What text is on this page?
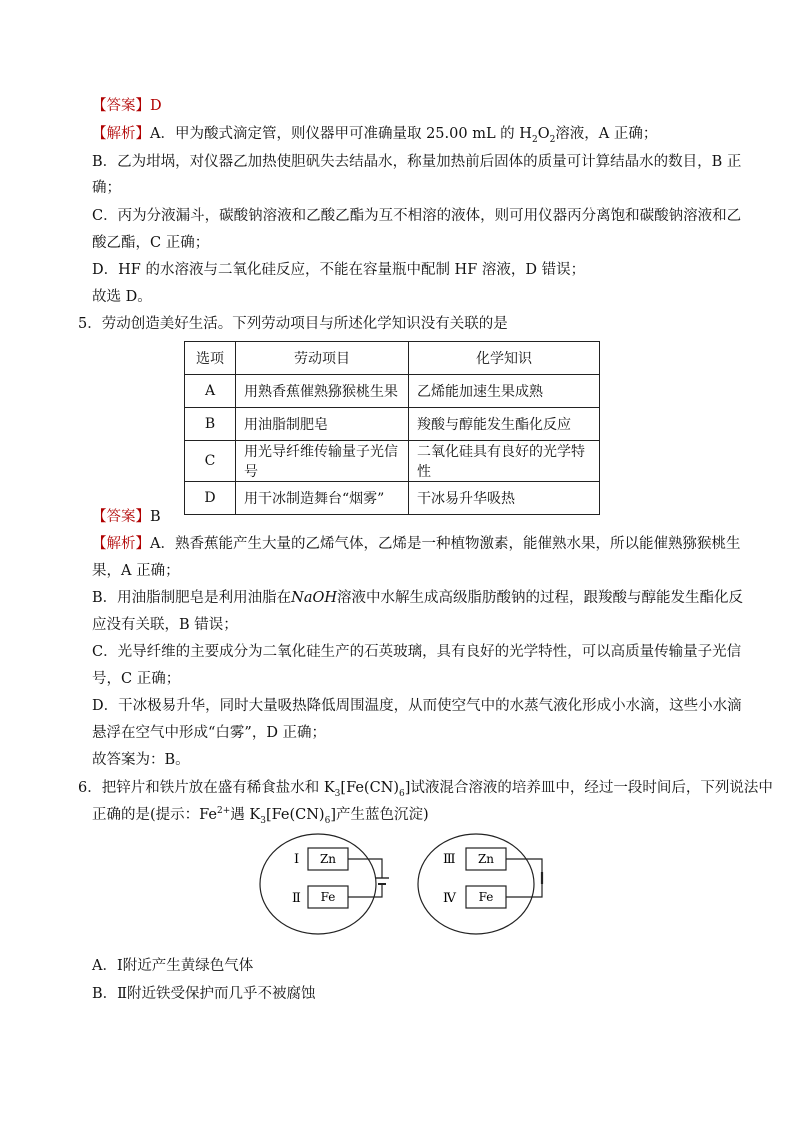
【答案】D
【解析】A．甲为酸式滴定管，则仪器甲可准确量取 25.00 mL 的 $H_2O_2$溶液，A 正确；
B．乙为坩埚，对仪器乙加热使胆矾失去结晶水，称量加热前后固体的质量可计算结晶水的数目，B 正
确；
C．丙为分液漏斗，碳酸钠溶液和乙酸乙酯为互不相溶的液体，则可用仪器丙分离饱和碳酸钠溶液和乙
酸乙酯，C 正确；
D．HF 的水溶液与二氧化硅反应，不能在容量瓶中配制 HF 溶液，D 错误；
故选 D。
5．劳动创造美好生活。下列劳动项目与所述化学知识没有关联的是
选项	劳动项目	化学知识
A	用熟香蕉催熟猕猴桃生果	乙烯能加速生果成熟
B	用油脂制肥皂	羧酸与醇能发生酯化反应
C	用光导纤维传输量子光信号	二氧化硅具有良好的光学特性
D	用干冰制造舞台“烟雾”	干冰易升华吸热
【答案】B
【解析】A．熟香蕉能产生大量的乙烯气体，乙烯是一种植物激素，能催熟水果，所以能催熟猕猴桃生
果，A 正确；
B．用油脂制肥皂是利用油脂在NaOH溶液中水解生成高级脂肪酸钠的过程，跟羧酸与醇能发生酯化反
应没有关联，B 错误；
C．光导纤维的主要成分为二氧化硅生产的石英玻璃，具有良好的光学特性，可以高质量传输量子光信
号，C 正确；
D．干冰极易升华，同时大量吸热降低周围温度，从而使空气中的水蒸气液化形成小水滴，这些小水滴
悬浮在空气中形成“白雾”，D 正确；
故答案为：B。
6．把锌片和铁片放在盛有稀食盐水和 $K_3[Fe(CN)_6]$试液混合溶液的培养皿中，经过一段时间后，下列说法中
正确的是(提示：$Fe^{2+}$遇 $K_3[Fe(CN)_6]$产生蓝色沉淀)
Ⅰ Zn
Ⅱ Fe
Ⅲ Zn
Ⅳ Fe
A．Ⅰ附近产生黄绿色气体
B．Ⅱ附近铁受保护而几乎不被腐蚀
